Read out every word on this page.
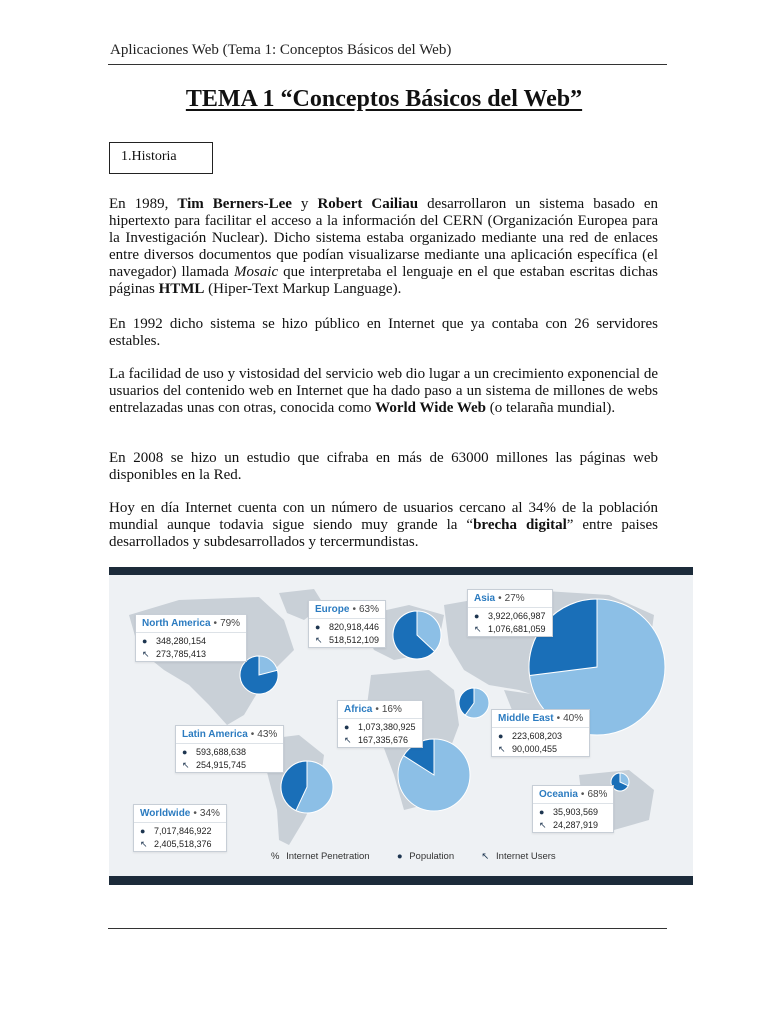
Aplicaciones Web (Tema 1: Conceptos Básicos del Web)
TEMA 1 “Conceptos Básicos del Web”
1.Historia

En 1989, Tim Berners-Lee y Robert Cailiau desarrollaron un sistema basado en hipertexto para facilitar el acceso a la información del CERN (Organización Europea para la Investigación Nuclear). Dicho sistema estaba organizado mediante una red de enlaces entre diversos documentos que podían visualizarse mediante una aplicación específica (el navegador) llamada Mosaic que interpretaba el lenguaje en el que estaban escritas dichas páginas HTML (Hiper-Text Markup Language).

En 1992 dicho sistema se hizo público en Internet que ya contaba con 26 servidores estables.

La facilidad de uso y vistosidad del servicio web dio lugar a un crecimiento exponencial de usuarios del contenido web en Internet que ha dado paso a un sistema de millones de webs entrelazadas unas con otras, conocida como World Wide Web (o telaraña mundial).

En 2008 se hizo un estudio que cifraba en más de 63000 millones las páginas web disponibles en la Red.

Hoy en día Internet cuenta con un número de usuarios cercano al 34% de la población mundial aunque todavia sigue siendo muy grande la “brecha digital” entre paises desarrollados y subdesarrollados y tercermundistas.

North America • 79%
● 348,280,154
↖ 273,785,413
Europe • 63%
● 820,918,446
↖ 518,512,109
Asia • 27%
● 3,922,066,987
↖ 1,076,681,059
Africa • 16%
● 1,073,380,925
↖ 167,335,676
Middle East • 40%
● 223,608,203
↖ 90,000,455
Latin America • 43%
● 593,688,638
↖ 254,915,745
Oceania • 68%
● 35,903,569
↖ 24,287,919
Worldwide • 34%
● 7,017,846,922
↖ 2,405,518,376
% Internet Penetration	● Population	↖ Internet Users
